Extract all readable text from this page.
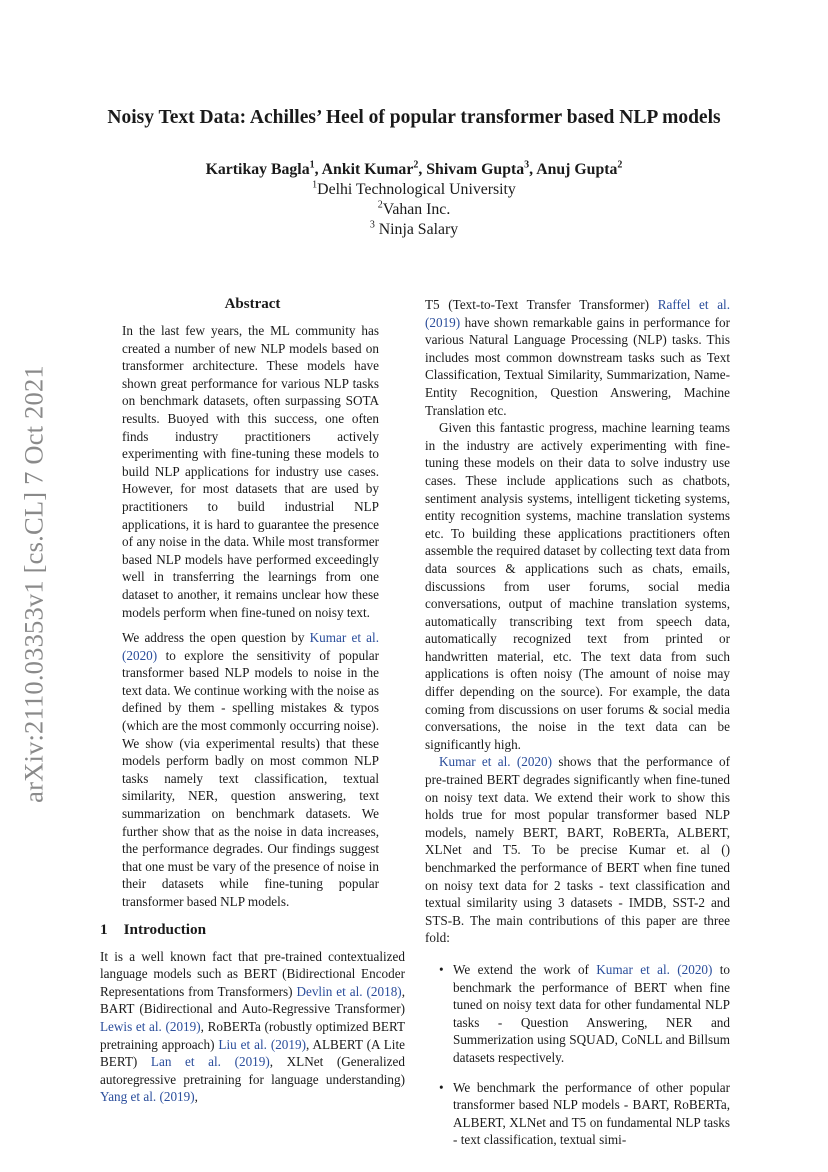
arXiv:2110.03353v1 [cs.CL] 7 Oct 2021
Noisy Text Data: Achilles’ Heel of popular transformer based NLP models
Kartikay Bagla$^1$, Ankit Kumar$^2$, Shivam Gupta$^3$, Anuj Gupta$^2$
$^1$Delhi Technological University
$^2$Vahan Inc.
$^3$ Ninja Salary
Abstract

In the last few years, the ML community has created a number of new NLP models based on transformer architecture. These models have shown great performance for various NLP tasks on benchmark datasets, often surpassing SOTA results. Buoyed with this success, one often finds industry practitioners actively experimenting with fine-tuning these models to build NLP applications for industry use cases. However, for most datasets that are used by practitioners to build industrial NLP applications, it is hard to guarantee the presence of any noise in the data. While most transformer based NLP models have performed exceedingly well in transferring the learnings from one dataset to another, it remains unclear how these models perform when fine-tuned on noisy text.

We address the open question by Kumar et al. (2020) to explore the sensitivity of popular transformer based NLP models to noise in the text data. We continue working with the noise as defined by them - spelling mistakes & typos (which are the most commonly occurring noise). We show (via experimental results) that these models perform badly on most common NLP tasks namely text classification, textual similarity, NER, question answering, text summarization on benchmark datasets. We further show that as the noise in data increases, the performance degrades. Our findings suggest that one must be vary of the presence of noise in their datasets while fine-tuning popular transformer based NLP models.

1 Introduction

It is a well known fact that pre-trained contextualized language models such as BERT (Bidirectional Encoder Representations from Transformers) Devlin et al. (2018), BART (Bidirectional and Auto-Regressive Transformer) Lewis et al. (2019), RoBERTa (robustly optimized BERT pretraining approach) Liu et al. (2019), ALBERT (A Lite BERT) Lan et al. (2019), XLNet (Generalized autoregressive pretraining for language understanding) Yang et al. (2019),

T5 (Text-to-Text Transfer Transformer) Raffel et al. (2019) have shown remarkable gains in performance for various Natural Language Processing (NLP) tasks. This includes most common downstream tasks such as Text Classification, Textual Similarity, Summarization, Name-Entity Recognition, Question Answering, Machine Translation etc.

Given this fantastic progress, machine learning teams in the industry are actively experimenting with fine-tuning these models on their data to solve industry use cases. These include applications such as chatbots, sentiment analysis systems, intelligent ticketing systems, entity recognition systems, machine translation systems etc. To building these applications practitioners often assemble the required dataset by collecting text data from data sources & applications such as chats, emails, discussions from user forums, social media conversations, output of machine translation systems, automatically transcribing text from speech data, automatically recognized text from printed or handwritten material, etc. The text data from such applications is often noisy (The amount of noise may differ depending on the source). For example, the data coming from discussions on user forums & social media conversations, the noise in the text data can be significantly high.

Kumar et al. (2020) shows that the performance of pre-trained BERT degrades significantly when fine-tuned on noisy text data. We extend their work to show this holds true for most popular transformer based NLP models, namely BERT, BART, RoBERTa, ALBERT, XLNet and T5. To be precise Kumar et. al () benchmarked the performance of BERT when fine tuned on noisy text data for 2 tasks - text classification and textual similarity using 3 datasets - IMDB, SST-2 and STS-B. The main contributions of this paper are three fold:

• We extend the work of Kumar et al. (2020) to benchmark the performance of BERT when fine tuned on noisy text data for other fundamental NLP tasks - Question Answering, NER and Summerization using SQUAD, CoNLL and Billsum datasets respectively.
• We benchmark the performance of other popular transformer based NLP models - BART, RoBERTa, ALBERT, XLNet and T5 on fundamental NLP tasks - text classification, textual simi-
